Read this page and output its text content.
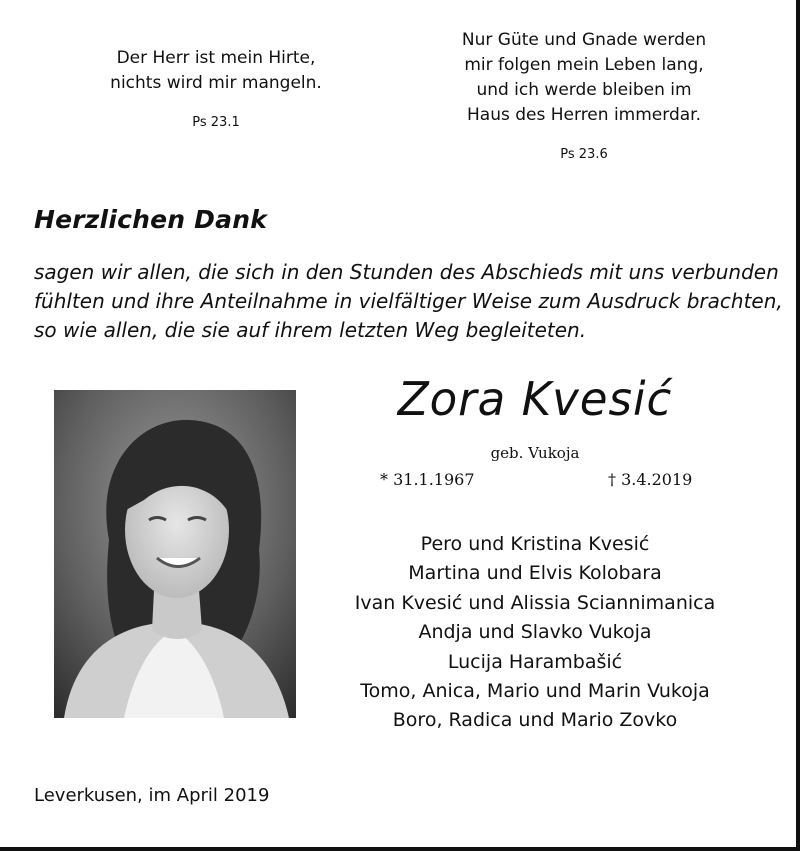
Der Herr ist mein Hirte,
nichts wird mir mangeln.
Ps 23.1
Nur Güte und Gnade werden
mir folgen mein Leben lang,
und ich werde bleiben im
Haus des Herren immerdar.
Ps 23.6
Herzlichen Dank
sagen wir allen, die sich in den Stunden des Abschieds mit uns verbunden
fühlten und ihre Anteilnahme in vielfältiger Weise zum Ausdruck brachten,
so wie allen, die sie auf ihrem letzten Weg begleiteten.
Zora Kvesić
geb. Vukoja
* 31.1.1967	† 3.4.2019
Pero und Kristina Kvesić
Martina und Elvis Kolobara
Ivan Kvesić und Alissia Sciannimanica
Andja und Slavko Vukoja
Lucija Harambašić
Tomo, Anica, Mario und Marin Vukoja
Boro, Radica und Mario Zovko
Leverkusen, im April 2019
